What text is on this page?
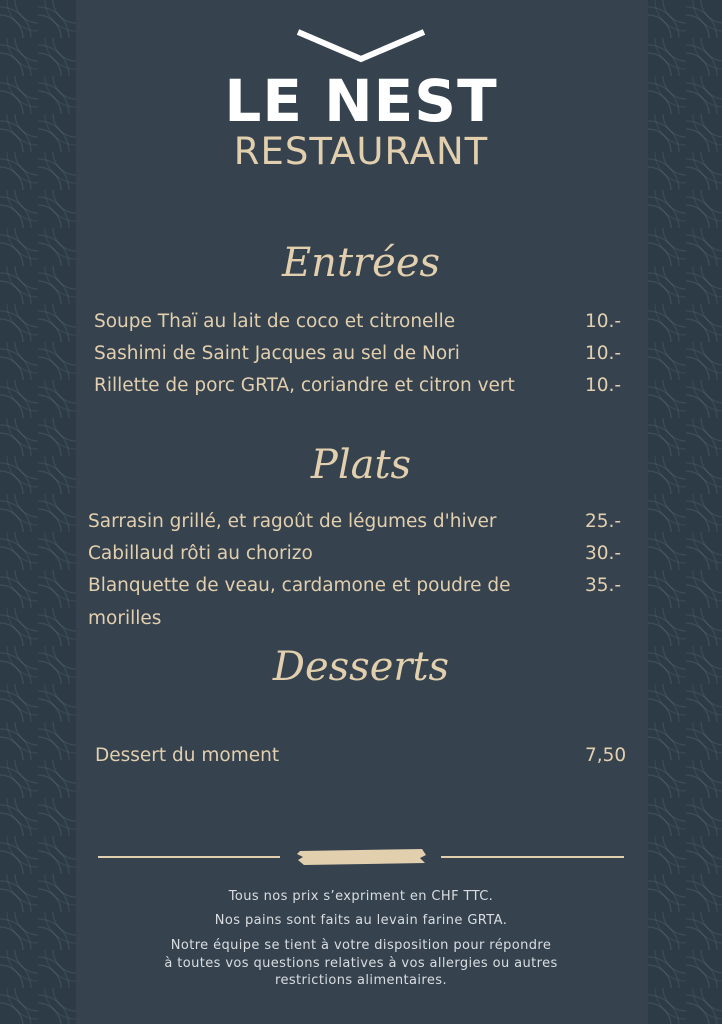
LE NEST
RESTAURANT
Entrées
Soupe Thaï au lait de coco et citronelle	10.-
Sashimi de Saint Jacques au sel de Nori	10.-
Rillette de porc GRTA, coriandre et citron vert	10.-
Plats
Sarrasin grillé, et ragoût de légumes d'hiver	25.-
Cabillaud rôti au chorizo	30.-
Blanquette de veau, cardamone et poudre de	35.-
morilles
Desserts
Dessert du moment	7,50
Tous nos prix s’expriment en CHF TTC.
Nos pains sont faits au levain farine GRTA.
Notre équipe se tient à votre disposition pour répondre
à toutes vos questions relatives à vos allergies ou autres
restrictions alimentaires.
